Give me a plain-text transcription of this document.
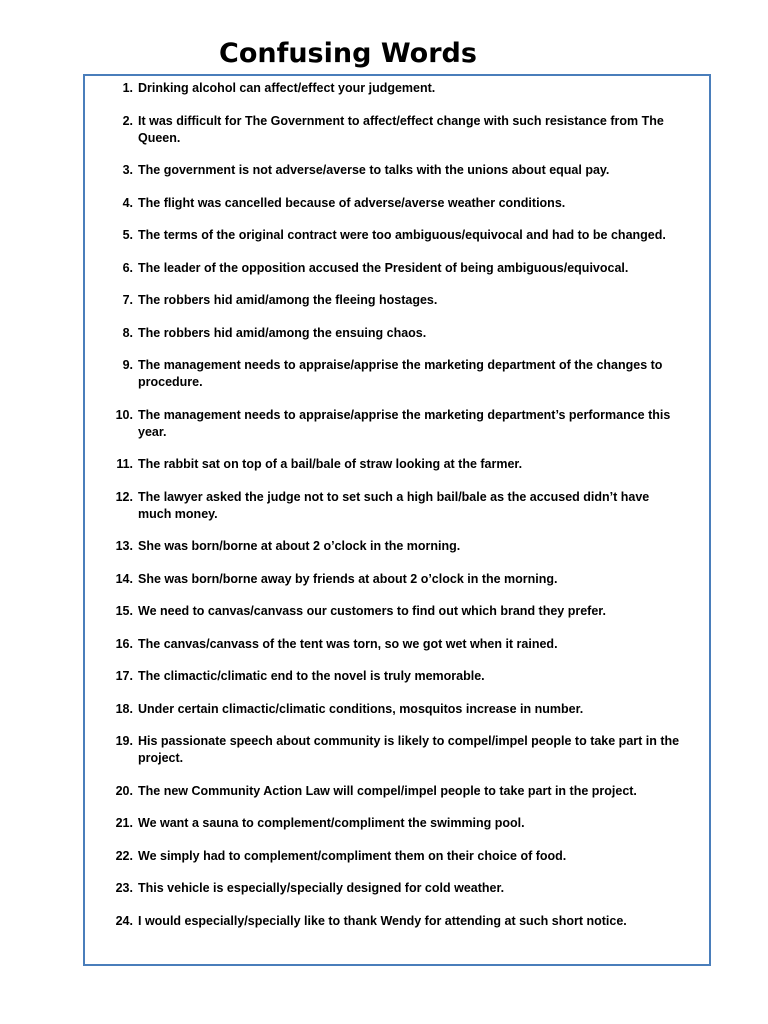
Confusing Words
1. Drinking alcohol can affect/effect your judgement.
2. It was difficult for The Government to affect/effect change with such resistance from The Queen.
3. The government is not adverse/averse to talks with the unions about equal pay.
4. The flight was cancelled because of adverse/averse weather conditions.
5. The terms of the original contract were too ambiguous/equivocal and had to be changed.
6. The leader of the opposition accused the President of being ambiguous/equivocal.
7. The robbers hid amid/among the fleeing hostages.
8. The robbers hid amid/among the ensuing chaos.
9. The management needs to appraise/apprise the marketing department of the changes to procedure.
10. The management needs to appraise/apprise the marketing department’s performance this year.
11. The rabbit sat on top of a bail/bale of straw looking at the farmer.
12. The lawyer asked the judge not to set such a high bail/bale as the accused didn’t have much money.
13. She was born/borne at about 2 o’clock in the morning.
14. She was born/borne away by friends at about 2 o’clock in the morning.
15. We need to canvas/canvass our customers to find out which brand they prefer.
16. The canvas/canvass of the tent was torn, so we got wet when it rained.
17. The climactic/climatic end to the novel is truly memorable.
18. Under certain climactic/climatic conditions, mosquitos increase in number.
19. His passionate speech about community is likely to compel/impel people to take part in the project.
20. The new Community Action Law will compel/impel people to take part in the project.
21. We want a sauna to complement/compliment the swimming pool.
22. We simply had to complement/compliment them on their choice of food.
23. This vehicle is especially/specially designed for cold weather.
24. I would especially/specially like to thank Wendy for attending at such short notice.
